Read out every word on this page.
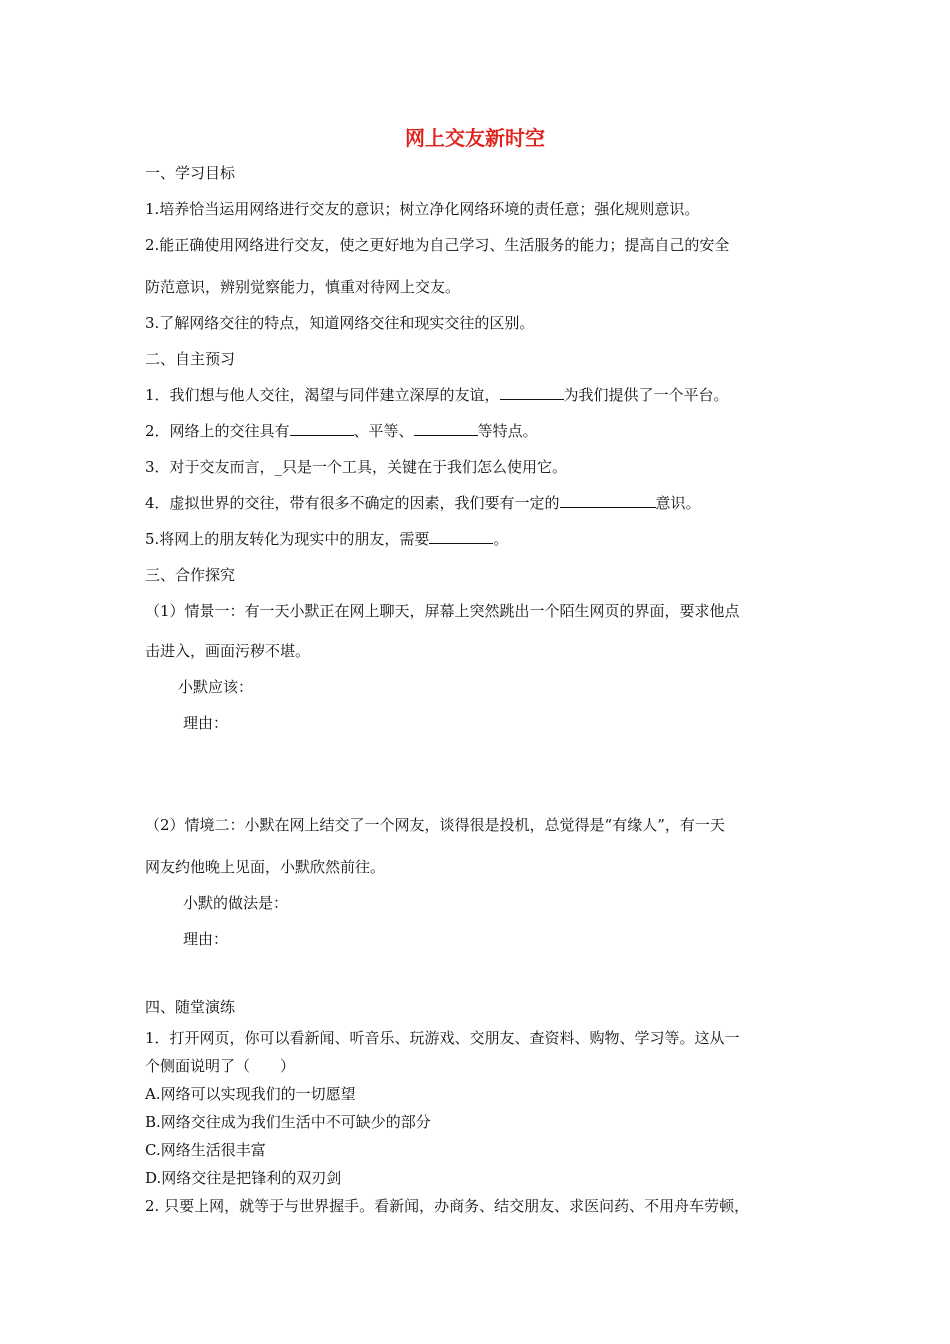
网上交友新时空

一、学习目标

1.培养恰当运用网络进行交友的意识；树立净化网络环境的责任意；强化规则意识。

2.能正确使用网络进行交友，使之更好地为自己学习、生活服务的能力；提高自己的安全

防范意识，辨别觉察能力，慎重对待网上交友。

3.了解网络交往的特点，知道网络交往和现实交往的区别。

二、自主预习

1．我们想与他人交往，渴望与同伴建立深厚的友谊，	为我们提供了一个平台。

2．网络上的交往具有	、平等、	等特点。

3．对于交友而言，_只是一个工具，关键在于我们怎么使用它。

4．虚拟世界的交往，带有很多不确定的因素，我们要有一定的	意识。

5.将网上的朋友转化为现实中的朋友，需要	。

三、合作探究

（1）情景一：有一天小默正在网上聊天，屏幕上突然跳出一个陌生网页的界面，要求他点

击进入，画面污秽不堪。

小默应该：

理由：

（2）情境二：小默在网上结交了一个网友，谈得很是投机，总觉得是“有缘人”，有一天

网友约他晚上见面，小默欣然前往。

小默的做法是：

理由：

四、随堂演练

1．打开网页，你可以看新闻、听音乐、玩游戏、交朋友、查资料、购物、学习等。这从一

个侧面说明了（　　）

A.网络可以实现我们的一切愿望

B.网络交往成为我们生活中不可缺少的部分

C.网络生活很丰富

D.网络交往是把锋利的双刃剑

2. 只要上网，就等于与世界握手。看新闻，办商务、结交朋友、求医问药、不用舟车劳顿，
